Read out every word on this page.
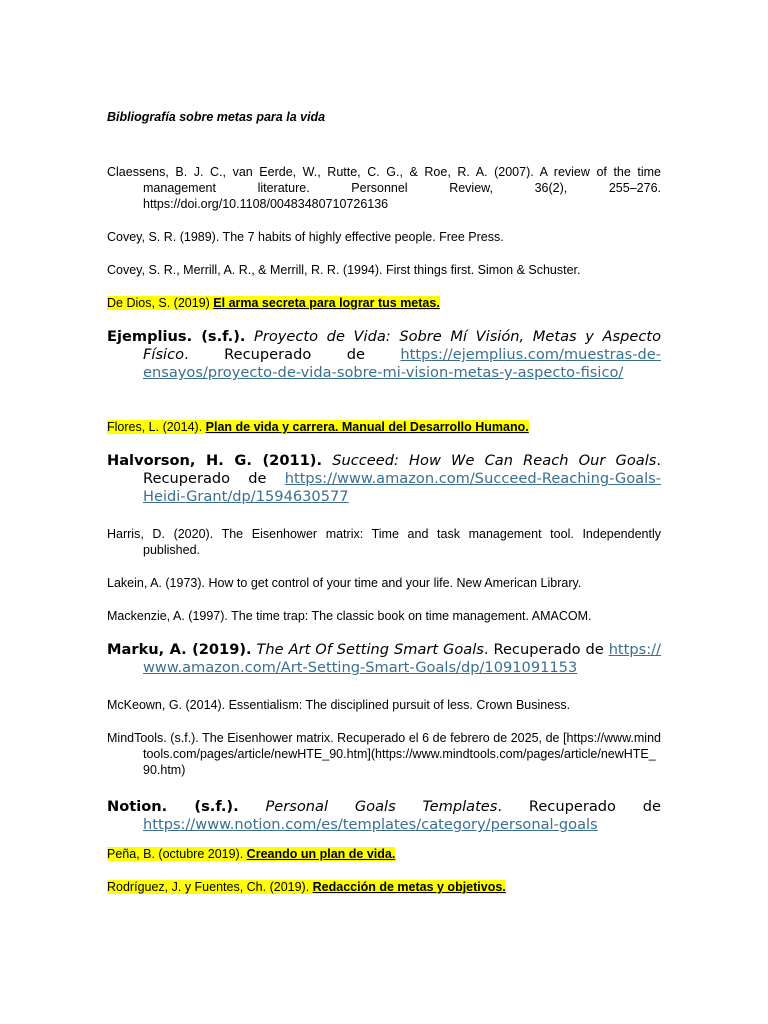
Bibliografía sobre metas para la vida
Claessens, B. J. C., van Eerde, W., Rutte, C. G., & Roe, R. A. (2007). A review of the time management literature. Personnel Review, 36(2), 255–276. https://doi.org/10.1108/00483480710726136
Covey, S. R. (1989). The 7 habits of highly effective people. Free Press.
Covey, S. R., Merrill, A. R., & Merrill, R. R. (1994). First things first. Simon & Schuster.
De Dios, S. (2019) El arma secreta para lograr tus metas.
Ejemplius. (s.f.). Proyecto de Vida: Sobre Mí Visión, Metas y Aspecto Físico. Recuperado de https://ejemplius.com/muestras-de-ensayos/proyecto-de-vida-sobre-mi-vision-metas-y-aspecto-fisico/
Flores, L. (2014). Plan de vida y carrera. Manual del Desarrollo Humano.
Halvorson, H. G. (2011). Succeed: How We Can Reach Our Goals. Recuperado de https://www.amazon.com/Succeed-Reaching-Goals-Heidi-Grant/dp/1594630577
Harris, D. (2020). The Eisenhower matrix: Time and task management tool. Independently published.
Lakein, A. (1973). How to get control of your time and your life. New American Library.
Mackenzie, A. (1997). The time trap: The classic book on time management. AMACOM.
Marku, A. (2019). The Art Of Setting Smart Goals. Recuperado de https://www.amazon.com/Art-Setting-Smart-Goals/dp/1091091153
McKeown, G. (2014). Essentialism: The disciplined pursuit of less. Crown Business.
MindTools. (s.f.). The Eisenhower matrix. Recuperado el 6 de febrero de 2025, de [https://www.mindtools.com/pages/article/newHTE_90.htm](https://www.mindtools.com/pages/article/newHTE_90.htm)
Notion. (s.f.). Personal Goals Templates. Recuperado de https://www.notion.com/es/templates/category/personal-goals
Peña, B. (octubre 2019). Creando un plan de vida.
Rodríguez, J. y Fuentes, Ch. (2019). Redacción de metas y objetivos.
